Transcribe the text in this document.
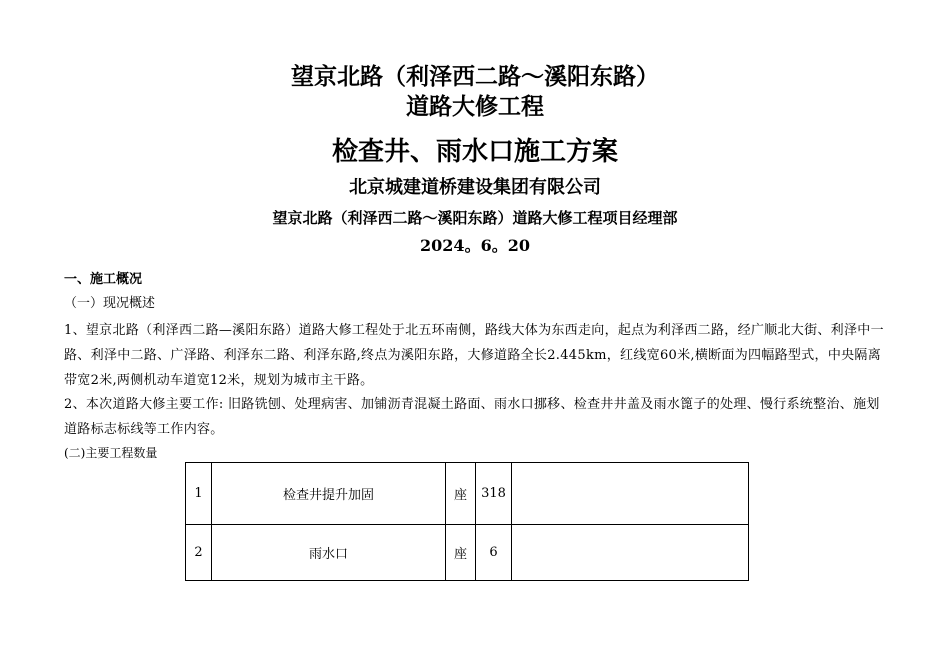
望京北路（利泽西二路～溪阳东路）
道路大修工程
检查井、雨水口施工方案
北京城建道桥建设集团有限公司
望京北路（利泽西二路～溪阳东路）道路大修工程项目经理部
2024。6。20
一、施工概况
（一）现况概述
1、望京北路（利泽西二路—溪阳东路）道路大修工程处于北五环南侧，路线大体为东西走向，起点为利泽西二路，经广顺北大街、利泽中一路、利泽中二路、广泽路、利泽东二路、利泽东路,终点为溪阳东路，大修道路全长2.445km，红线宽60米,横断面为四幅路型式，中央隔离带宽2米,两侧机动车道宽12米，规划为城市主干路。
2、本次道路大修主要工作: 旧路铣刨、处理病害、加铺沥青混凝土路面、雨水口挪移、检查井井盖及雨水篦子的处理、慢行系统整治、施划道路标志标线等工作内容。
(二)主要工程数量
1	检查井提升加固	座	318	
2	雨水口	座	6	
